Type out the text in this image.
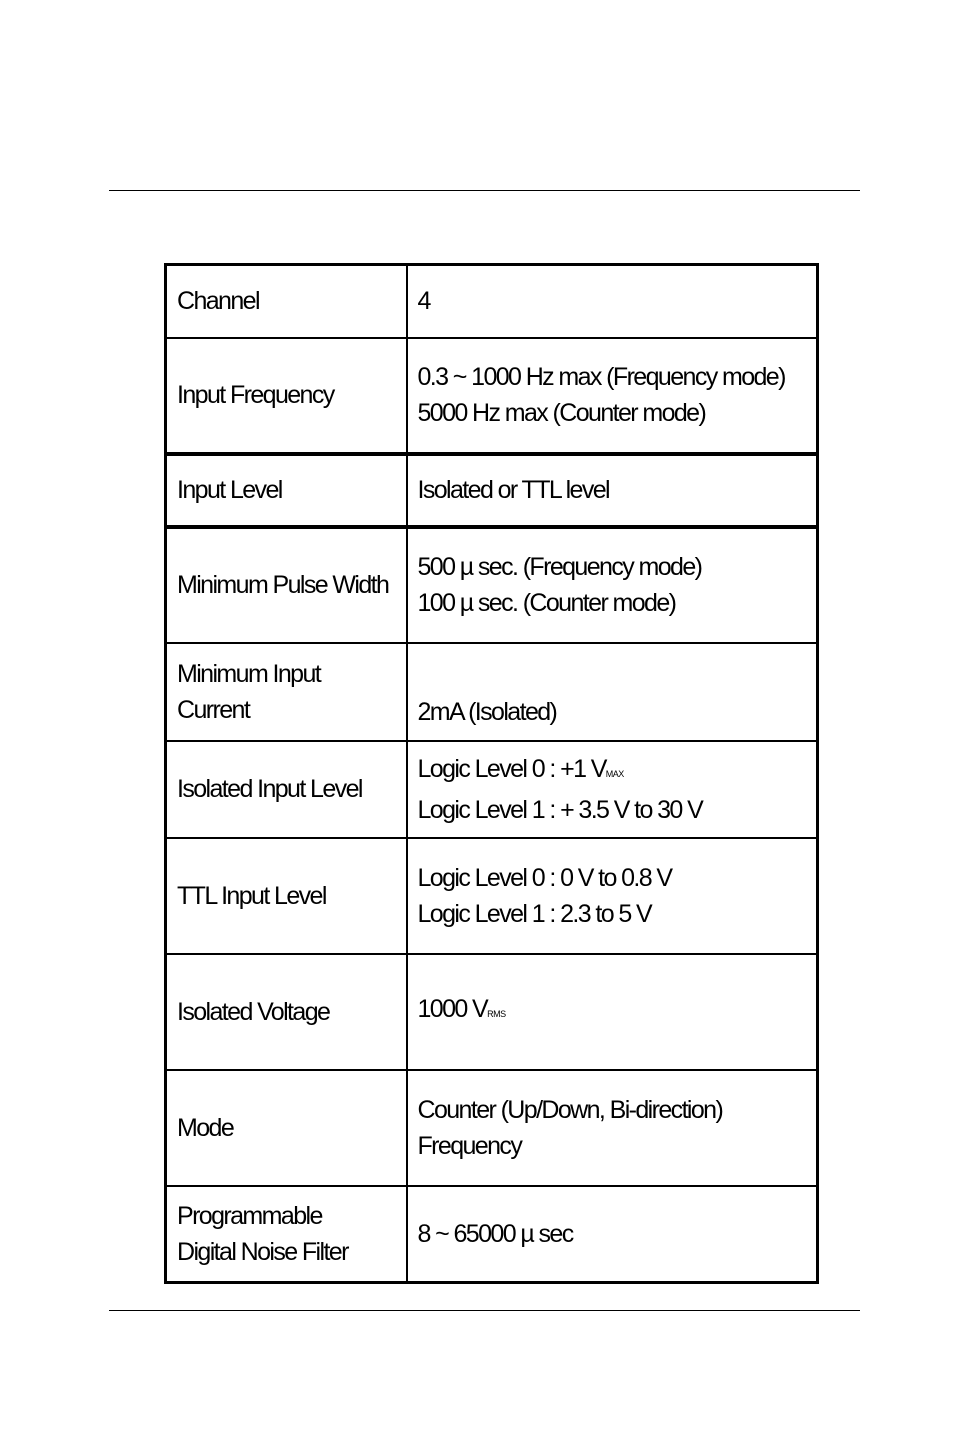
Channel	4

Input Frequency	0.3 ~ 1000 Hz max (Frequency mode)
5000 Hz max (Counter mode)

Input Level	Isolated or TTL level

Minimum Pulse Width	500 µ sec. (Frequency mode)
100 µ sec. (Counter mode)

Minimum Input
Current	2mA (Isolated)

Isolated Input Level	Logic Level 0 : +1 VMAX
Logic Level 1 : + 3.5 V to 30 V

TTL Input Level	Logic Level 0 : 0 V to 0.8 V
Logic Level 1 : 2.3 to 5 V

Isolated Voltage	1000 VRMS

Mode	Counter (Up/Down, Bi-direction)
Frequency

Programmable
Digital Noise Filter	8 ~ 65000 µ sec
